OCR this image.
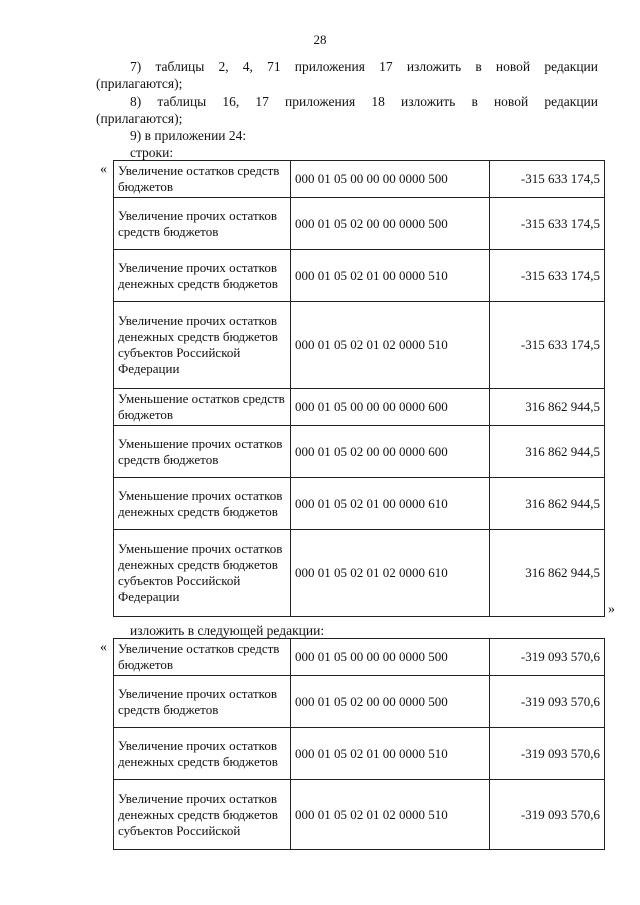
28
7) таблицы 2, 4, 71 приложения 17 изложить в новой редакции
(прилагаются);
8) таблицы 16, 17 приложения 18 изложить в новой редакции
(прилагаются);
9) в приложении 24:
строки:
« Увеличение остатков средств бюджетов	000 01 05 00 00 00 0000 500	-315 633 174,5
Увеличение прочих остатков средств бюджетов	000 01 05 02 00 00 0000 500	-315 633 174,5
Увеличение прочих остатков денежных средств бюджетов	000 01 05 02 01 00 0000 510	-315 633 174,5
Увеличение прочих остатков денежных средств бюджетов субъектов Российской Федерации	000 01 05 02 01 02 0000 510	-315 633 174,5
Уменьшение остатков средств бюджетов	000 01 05 00 00 00 0000 600	316 862 944,5
Уменьшение прочих остатков средств бюджетов	000 01 05 02 00 00 0000 600	316 862 944,5
Уменьшение прочих остатков денежных средств бюджетов	000 01 05 02 01 00 0000 610	316 862 944,5
Уменьшение прочих остатков денежных средств бюджетов субъектов Российской Федерации	000 01 05 02 01 02 0000 610	316 862 944,5
»
изложить в следующей редакции:
« Увеличение остатков средств бюджетов	000 01 05 00 00 00 0000 500	-319 093 570,6
Увеличение прочих остатков средств бюджетов	000 01 05 02 00 00 0000 500	-319 093 570,6
Увеличение прочих остатков денежных средств бюджетов	000 01 05 02 01 00 0000 510	-319 093 570,6
Увеличение прочих остатков денежных средств бюджетов субъектов Российской	000 01 05 02 01 02 0000 510	-319 093 570,6
